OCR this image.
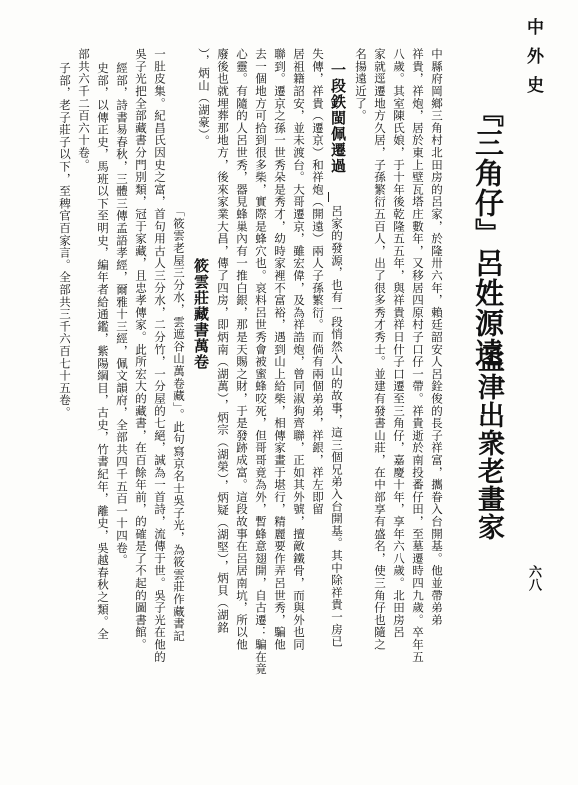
中外史
六八
『三角仔』呂姓源遠
孟津出衆老畫家
中縣府岡鄉三角村北田房的呂家，於隆卅六年，賴廷韶安人呂銓俊的長子祥富，攜眷入台開基。他並帶弟弟
祥貴，祥炮，居於東上壁瓦塔庄數年，又移居四原村子口仔一帶。祥貴逝於南投番仔田，至墓遷時四九歲。卒年五
八歲。其室陳氏娘，于十年後乾隆五五年，與祥貴祥日什子口遷至三角仔，嘉慶十年，享年六八歲。北田房呂
家就逕遷地方久居，子孫繁衍五百人，出了很多秀才秀士。並建有發書山莊，在中部享有盛名，使三角仔也隨之
名揚遠近了。
一段鉄閩佩遷過
呂家的發源，也有一段悄然入山的故事，這三個兄弟入台開基。其中除祥貴一房已
失傳，祥貴（遷京）和祥炮（開遠）兩人子孫繁衍。而倘有兩個弟弟，祥銀，祥左即留
居祖籍詔安，並未渡台。大哥遷京，雖宏偉，及為祥誥炮，曾同淑狗齊聯，正如其外號，擅敵鐵骨，而與外也同
聯到。遷京之孫一世秀朵是秀才，幼時家裡不富裕，遇到山上給柴，相傳家畫于堪行，精麗要作弄呂世秀，騙他
去一個地方可拾到很多柴，實際是蜂穴也。哀料呂世秀會被蜜蜂咬死，但哥哥竟為外，暫蜂意翅開，自古遷：騙在竟
心靈。有隨的人呂世秀，器見蜂巢內有一推白銀，那是天賜之財，于是發跡成富。這段故事在呂居南坑，所以他
廢後也就埋葬那地方，後來家業大昌，傳了四房，即炳南（湖萬），炳宗（湖榮），炳疑（湖堅），炳貝（湖銘
），炳山（湖豪）。
筱雲莊藏書萬卷
「筱雲老屋三分水，雲遮谷山萬卷藏」。此句寫京名士吳子光，為筱雲莊作藏書記
一肚皮集。紀昌氏因史之富，首句用古人三分水，二分竹，一分屋的七絕，誠為一首詩，流傳于世。吳子光在他的
吳子光把全部藏書分門別類，冠于家藏，且忠孝傳家。此所宏大的藏書，在百餘年前，的確是了不起的圖書館。
經部，詩書易春秋，三體三傳孟語孝經，爾雅十三經，佩文韻府，全部共四千五百一十四卷。
史部，以傳正史，馬班以下至明史，編年者給通鑑，紫陽綱目，古史，竹書紀年，離史，吳越春秋之類。全
部共六千二百六十卷。
子部，老子莊子以下，至稗官百家言。全部共三千六百七十五卷。
